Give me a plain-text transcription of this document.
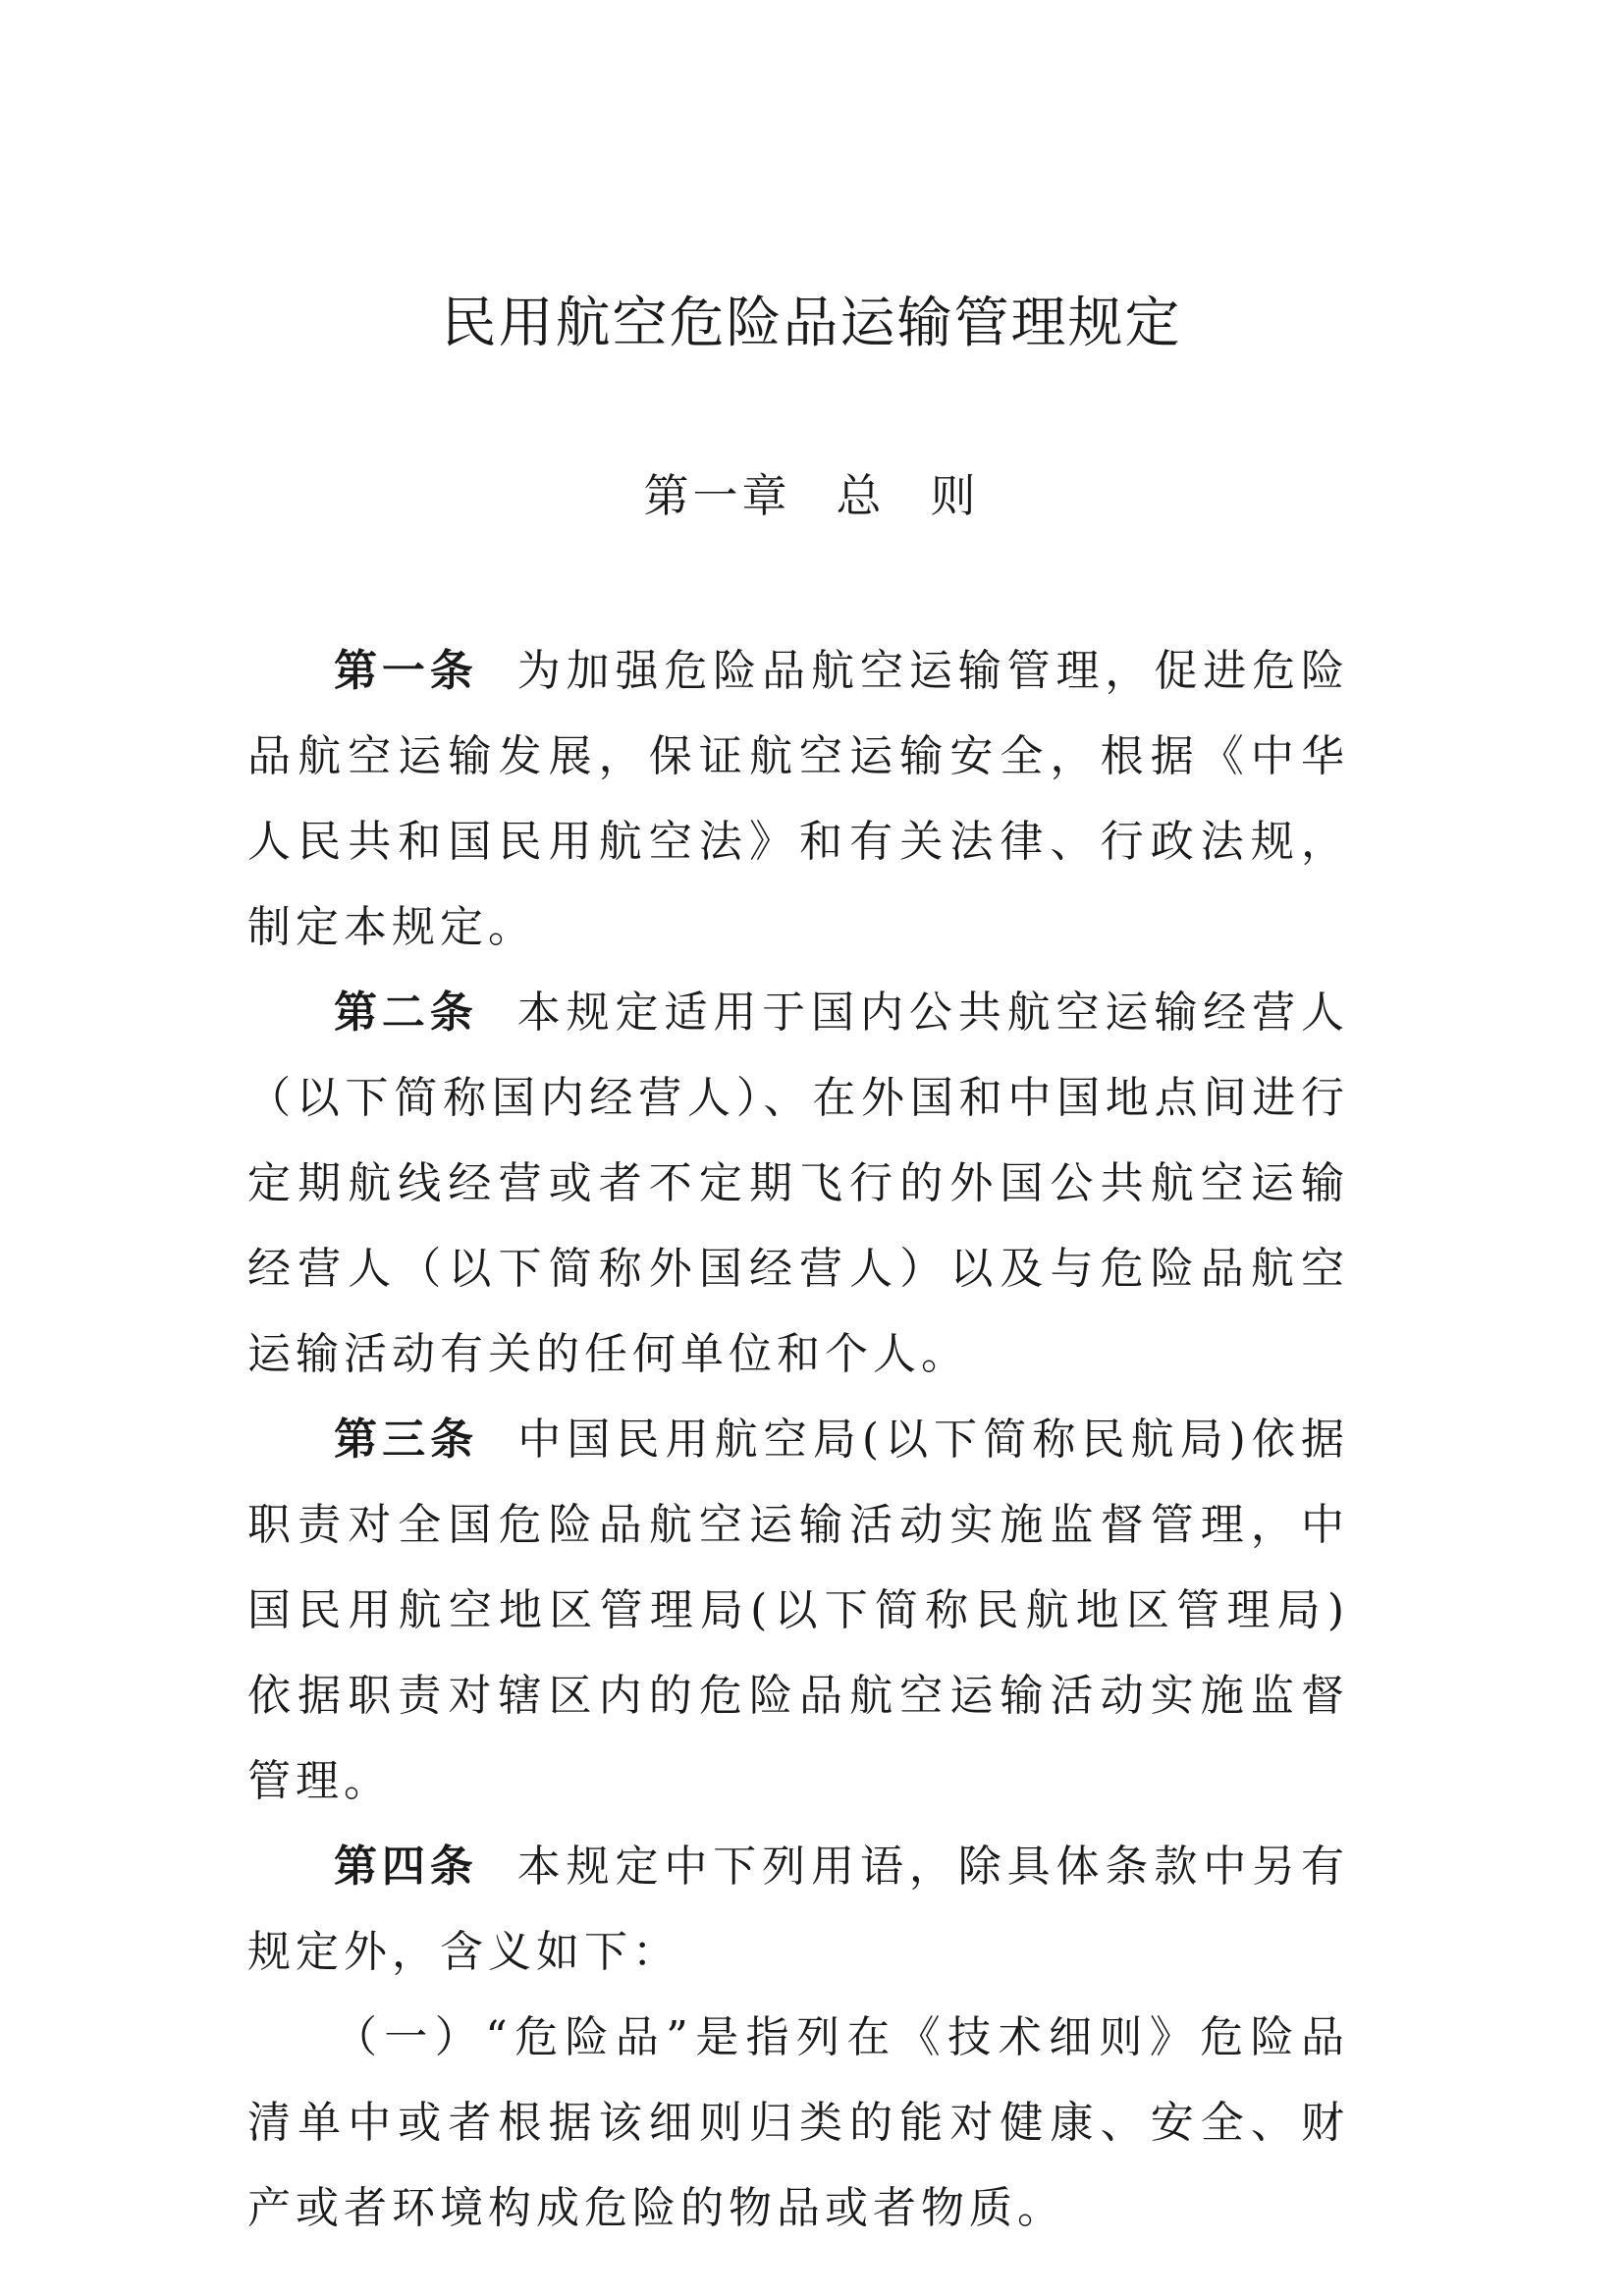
民用航空危险品运输管理规定
第一章 总 则

第一条 为加强危险品航空运输管理，促进危险品航空运输发展，保证航空运输安全，根据《中华人民共和国民用航空法》和有关法律、行政法规，制定本规定。

第二条 本规定适用于国内公共航空运输经营人（以下简称国内经营人）、在外国和中国地点间进行定期航线经营或者不定期飞行的外国公共航空运输经营人（以下简称外国经营人）以及与危险品航空运输活动有关的任何单位和个人。

第三条 中国民用航空局(以下简称民航局)依据职责对全国危险品航空运输活动实施监督管理，中国民用航空地区管理局(以下简称民航地区管理局)依据职责对辖区内的危险品航空运输活动实施监督管理。

第四条 本规定中下列用语，除具体条款中另有规定外，含义如下：

（一）“危险品”是指列在《技术细则》危险品清单中或者根据该细则归类的能对健康、安全、财产或者环境构成危险的物品或者物质。
